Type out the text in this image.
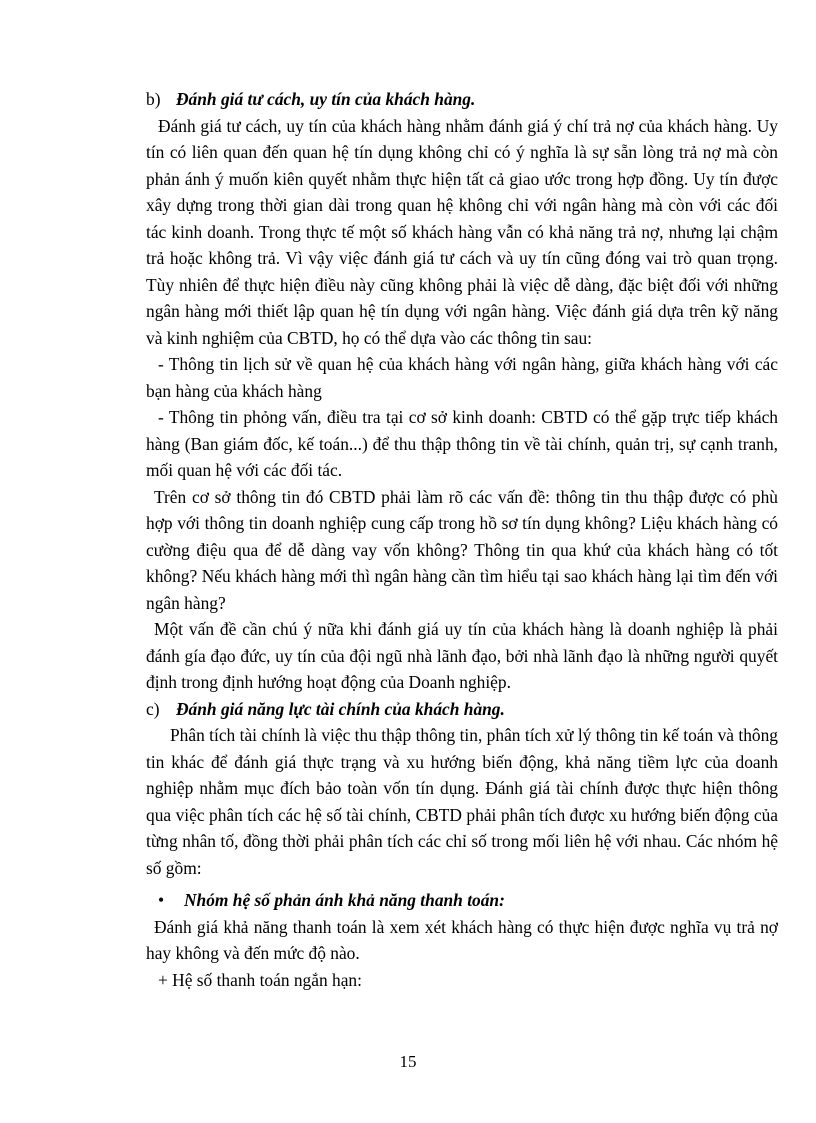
b) Đánh giá tư cách, uy tín của khách hàng.

Đánh giá tư cách, uy tín của khách hàng nhằm đánh giá ý chí trả nợ của khách hàng. Uy tín có liên quan đến quan hệ tín dụng không chỉ có ý nghĩa là sự sẵn lòng trả nợ mà còn phản ánh ý muốn kiên quyết nhằm thực hiện tất cả giao ước trong hợp đồng. Uy tín được xây dựng trong thời gian dài trong quan hệ không chỉ với ngân hàng mà còn với các đối tác kinh doanh. Trong thực tế một số khách hàng vẫn có khả năng trả nợ, nhưng lại chậm trả hoặc không trả. Vì vậy việc đánh giá tư cách và uy tín cũng đóng vai trò quan trọng. Tùy nhiên để thực hiện điều này cũng không phải là việc dễ dàng, đặc biệt đối với những ngân hàng mới thiết lập quan hệ tín dụng với ngân hàng. Việc đánh giá dựa trên kỹ năng và kinh nghiệm của CBTD, họ có thể dựa vào các thông tin sau:

- Thông tin lịch sử về quan hệ của khách hàng với ngân hàng, giữa khách hàng với các bạn hàng của khách hàng

- Thông tin phỏng vấn, điều tra tại cơ sở kinh doanh: CBTD có thể gặp trực tiếp khách hàng (Ban giám đốc, kế toán...) để thu thập thông tin về tài chính, quản trị, sự cạnh tranh, mối quan hệ với các đối tác.

Trên cơ sở thông tin đó CBTD phải làm rõ các vấn đề: thông tin thu thập được có phù hợp với thông tin doanh nghiệp cung cấp trong hồ sơ tín dụng không? Liệu khách hàng có cường điệu qua để dễ dàng vay vốn không? Thông tin qua khứ của khách hàng có tốt không? Nếu khách hàng mới thì ngân hàng cần tìm hiểu tại sao khách hàng lại tìm đến với ngân hàng?

Một vấn đề cần chú ý nữa khi đánh giá uy tín của khách hàng là doanh nghiệp là phải đánh gía đạo đức, uy tín của đội ngũ nhà lãnh đạo, bởi nhà lãnh đạo là những người quyết định trong định hướng hoạt động của Doanh nghiệp.

c) Đánh giá năng lực tài chính của khách hàng.

Phân tích tài chính là việc thu thập thông tin, phân tích xử lý thông tin kế toán và thông tin khác để đánh giá thực trạng và xu hướng biến động, khả năng tiềm lực của doanh nghiệp nhằm mục đích bảo toàn vốn tín dụng. Đánh giá tài chính được thực hiện thông qua việc phân tích các hệ số tài chính, CBTD phải phân tích được xu hướng biến động của từng nhân tố, đồng thời phải phân tích các chỉ số trong mối liên hệ với nhau. Các nhóm hệ số gồm:

•	Nhóm hệ số phản ánh khả năng thanh toán:

Đánh giá khả năng thanh toán là xem xét khách hàng có thực hiện được nghĩa vụ trả nợ hay không và đến mức độ nào.

+ Hệ số thanh toán ngắn hạn:

15
